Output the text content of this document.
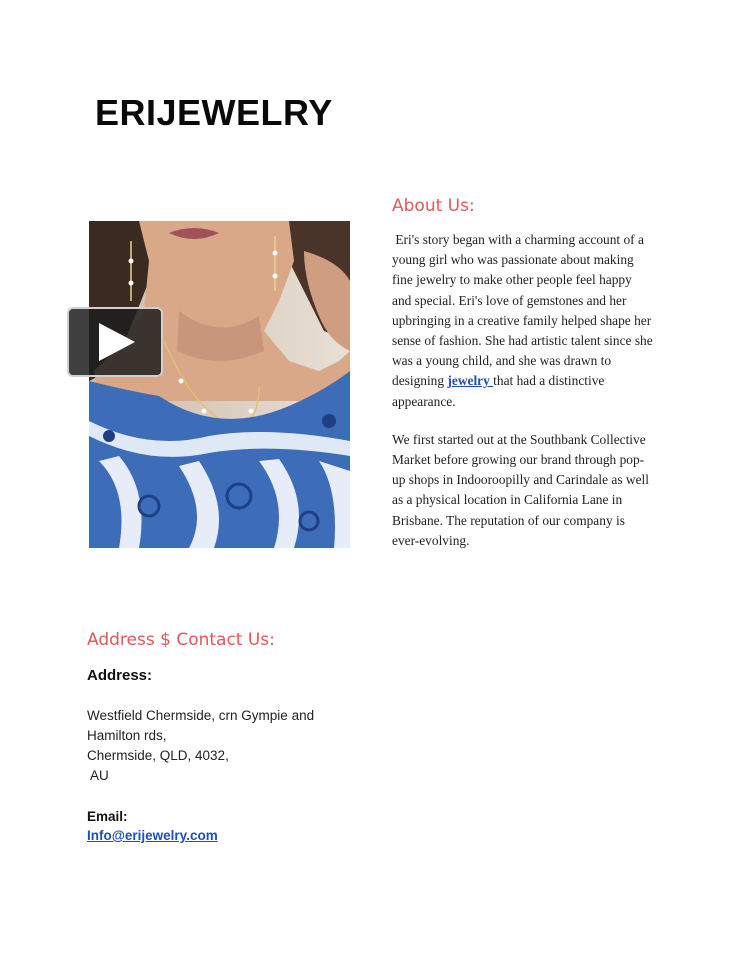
ERIJEWELRY
About Us:

Eri's story began with a charming account of a young girl who was passionate about making fine jewelry to make other people feel happy and special. Eri's love of gemstones and her upbringing in a creative family helped shape her sense of fashion. She had artistic talent since she was a young child, and she was drawn to designing jewelry that had a distinctive appearance.

We first started out at the Southbank Collective Market before growing our brand through pop-up shops in Indooroopilly and Carindale as well as a physical location in California Lane in Brisbane. The reputation of our company is ever-evolving.

Address $ Contact Us:

Address:

Westfield Chermside, crn Gympie and
Hamilton rds,
Chermside, QLD, 4032,
AU
Email:
Info@erijewelry.com
